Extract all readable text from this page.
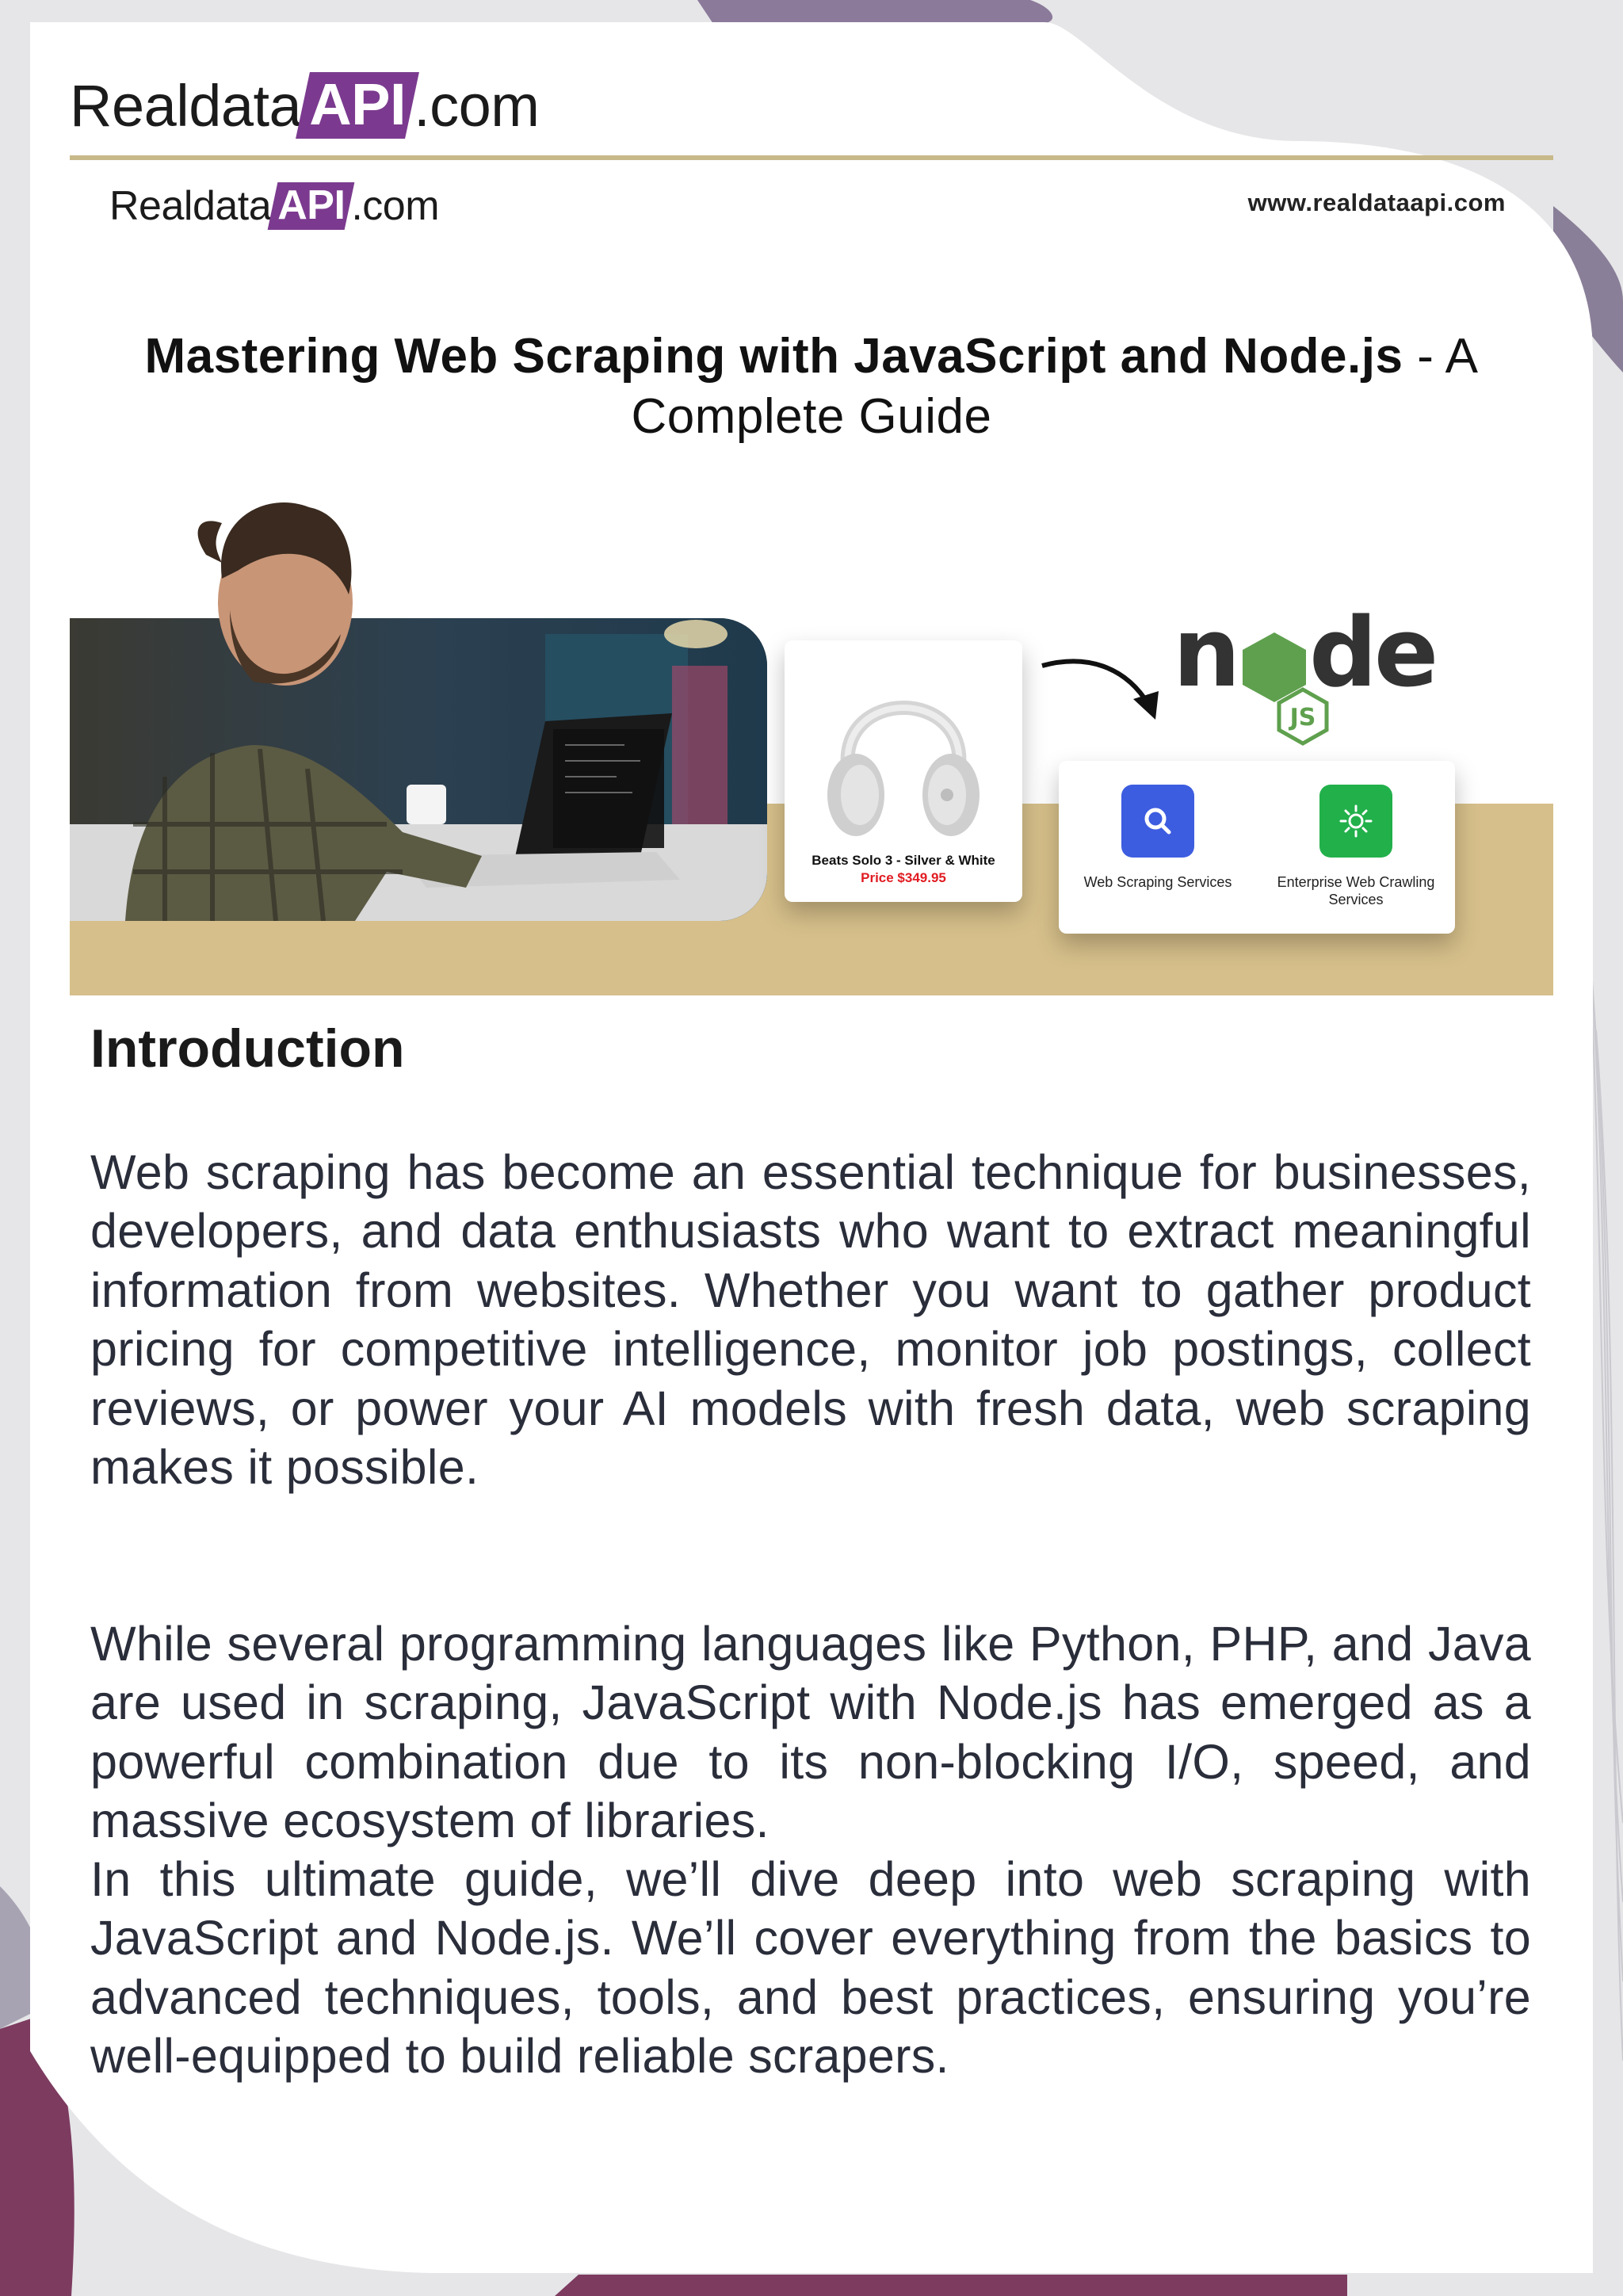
Realdata API .com
Realdata API .com	www.realdataapi.com
Mastering Web Scraping with JavaScript and Node.js - A Complete Guide
Beats Solo 3 - Silver & White
Price $349.95
n de
JS
Web Scraping Services	Enterprise Web Crawling Services
Introduction
Web scraping has become an essential technique for businesses, developers, and data enthusiasts who want to extract meaningful information from websites. Whether you want to gather product pricing for competitive intelligence, monitor job postings, collect reviews, or power your AI models with fresh data, web scraping makes it possible.
While several programming languages like Python, PHP, and Java are used in scraping, JavaScript with Node.js has emerged as a powerful combination due to its non-blocking I/O, speed, and massive ecosystem of libraries.
In this ultimate guide, we’ll dive deep into web scraping with JavaScript and Node.js. We’ll cover everything from the basics to advanced techniques, tools, and best practices, ensuring you’re well-equipped to build reliable scrapers.
